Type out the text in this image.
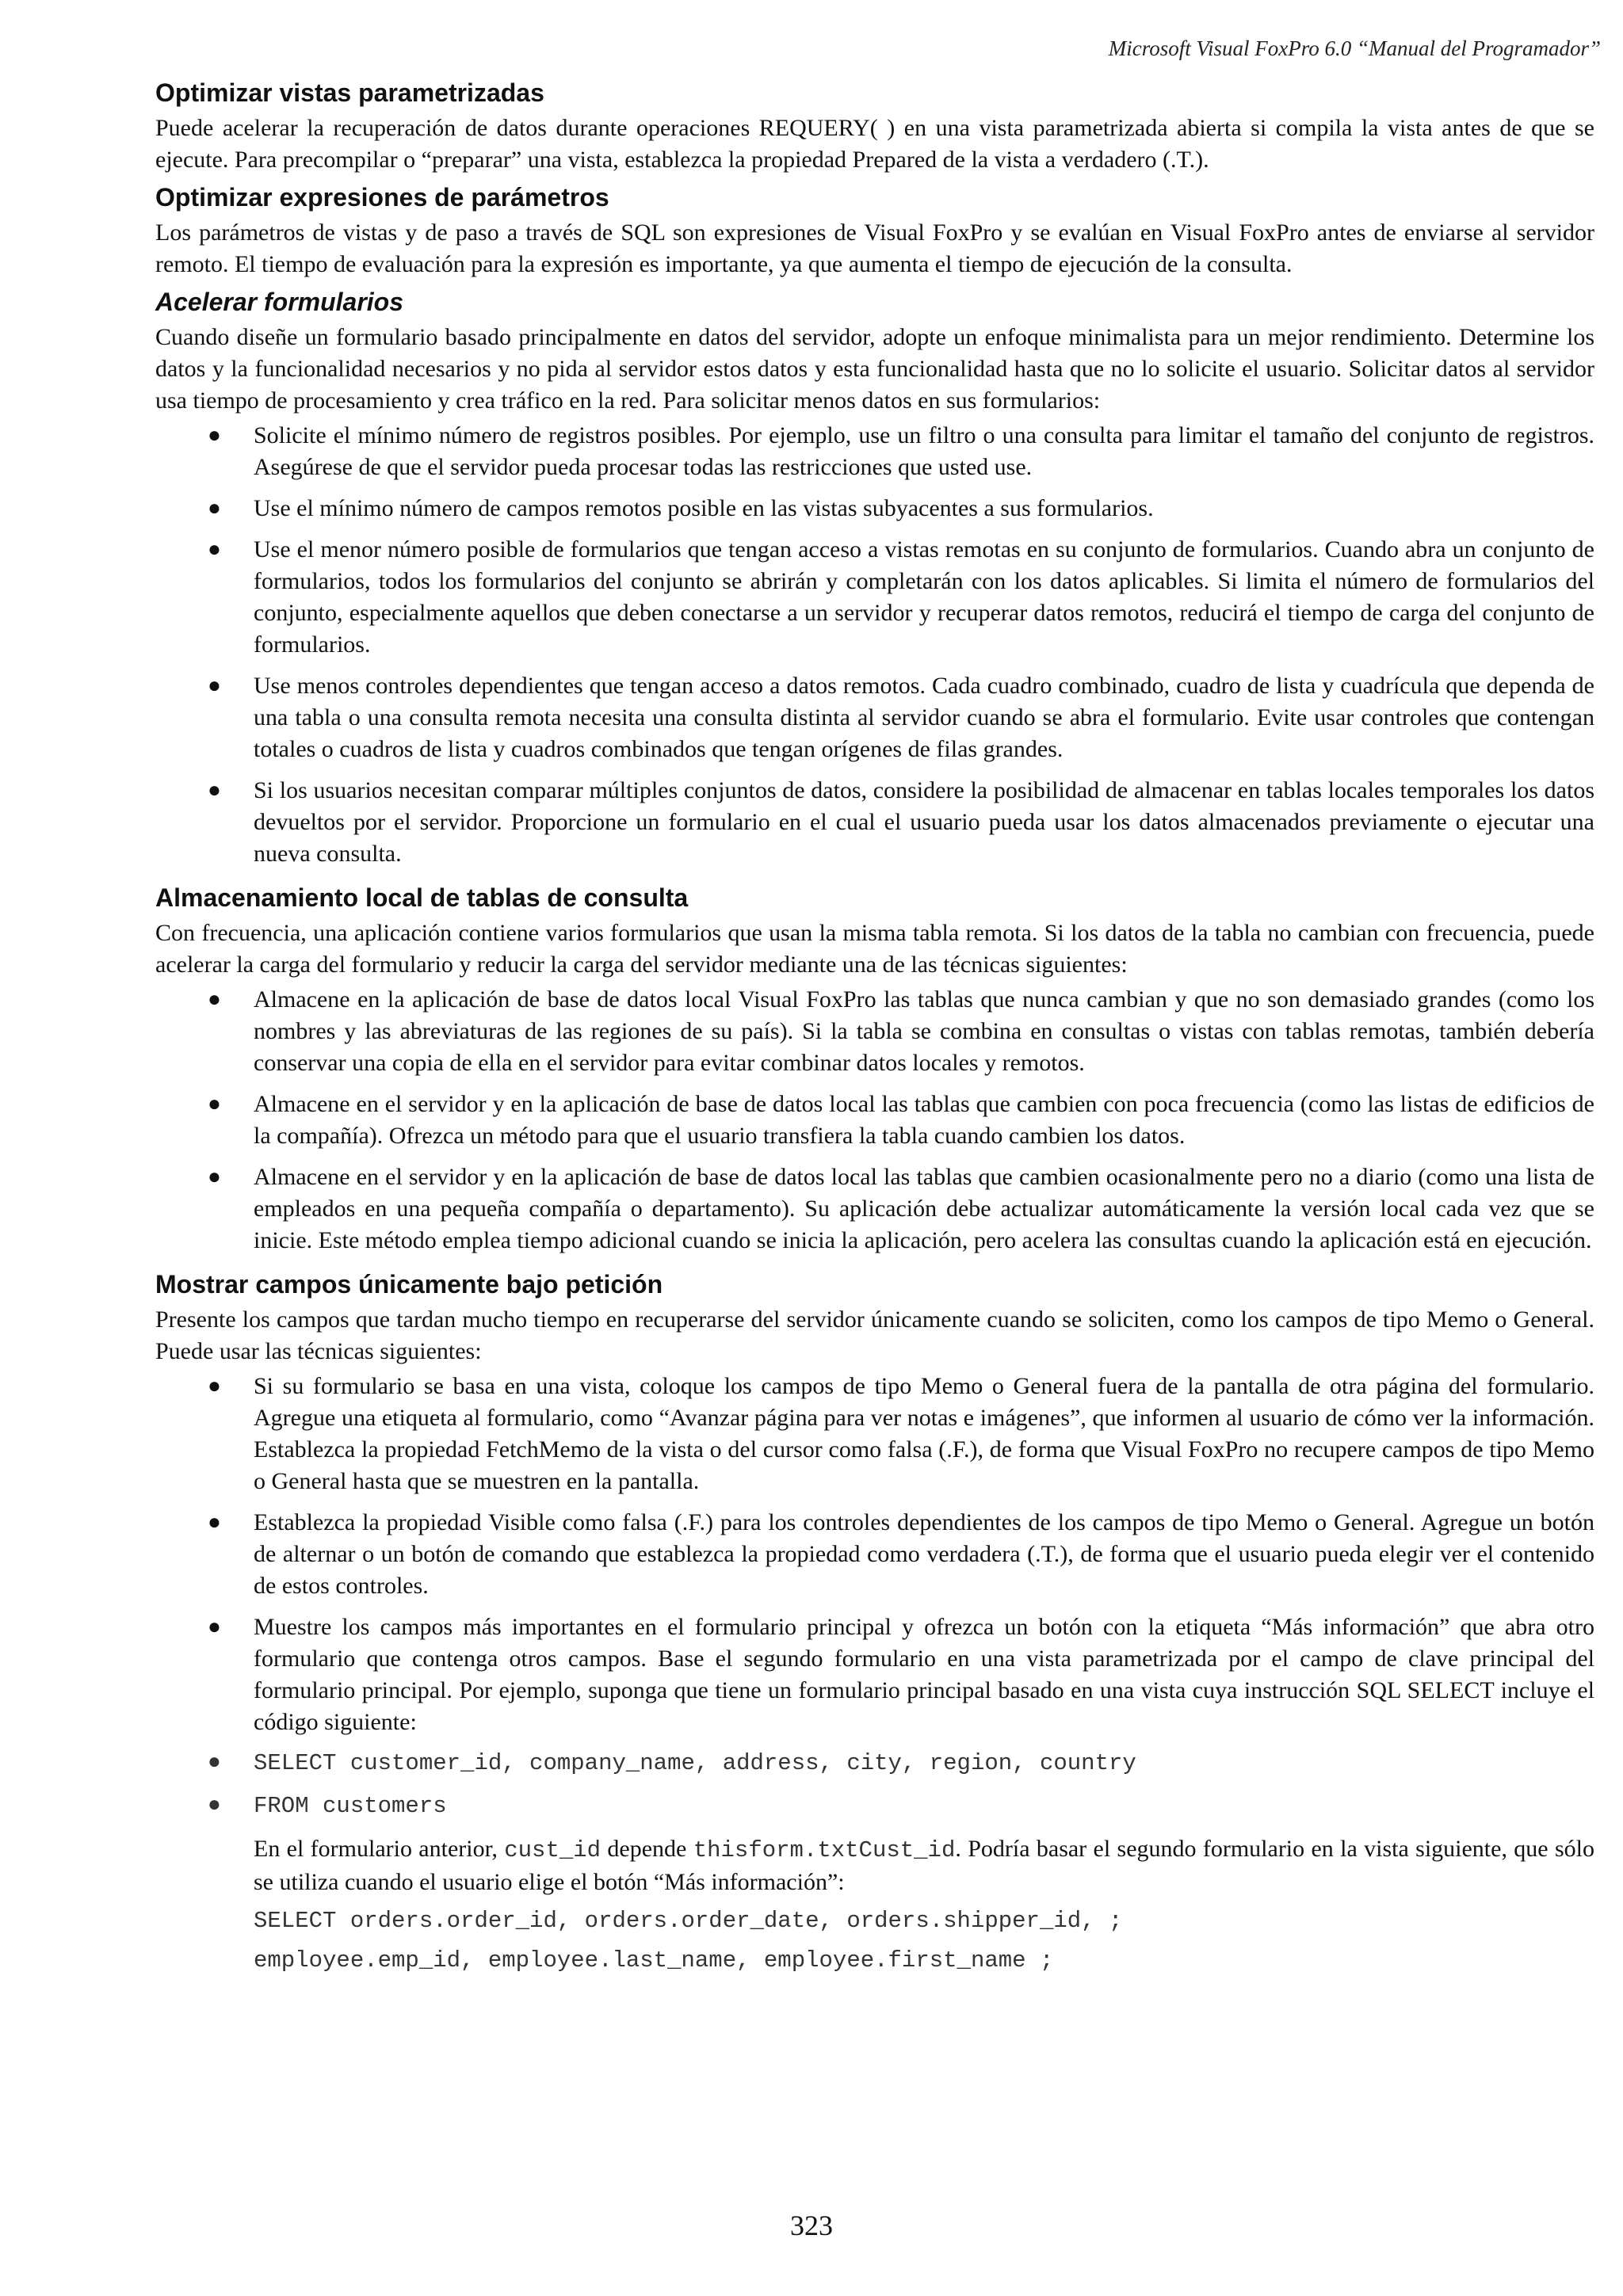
Microsoft Visual FoxPro 6.0 “Manual del Programador”
Optimizar vistas parametrizadas

Puede acelerar la recuperación de datos durante operaciones REQUERY( ) en una vista parametrizada abierta si compila la vista antes de que se ejecute. Para precompilar o “preparar” una vista, establezca la propiedad Prepared de la vista a verdadero (.T.).

Optimizar expresiones de parámetros

Los parámetros de vistas y de paso a través de SQL son expresiones de Visual FoxPro y se evalúan en Visual FoxPro antes de enviarse al servidor remoto. El tiempo de evaluación para la expresión es importante, ya que aumenta el tiempo de ejecución de la consulta.

Acelerar formularios

Cuando diseñe un formulario basado principalmente en datos del servidor, adopte un enfoque minimalista para un mejor rendimiento. Determine los datos y la funcionalidad necesarios y no pida al servidor estos datos y esta funcionalidad hasta que no lo solicite el usuario. Solicitar datos al servidor usa tiempo de procesamiento y crea tráfico en la red. Para solicitar menos datos en sus formularios:

● Solicite el mínimo número de registros posibles. Por ejemplo, use un filtro o una consulta para limitar el tamaño del conjunto de registros. Asegúrese de que el servidor pueda procesar todas las restricciones que usted use.
● Use el mínimo número de campos remotos posible en las vistas subyacentes a sus formularios.
● Use el menor número posible de formularios que tengan acceso a vistas remotas en su conjunto de formularios. Cuando abra un conjunto de formularios, todos los formularios del conjunto se abrirán y completarán con los datos aplicables. Si limita el número de formularios del conjunto, especialmente aquellos que deben conectarse a un servidor y recuperar datos remotos, reducirá el tiempo de carga del conjunto de formularios.
● Use menos controles dependientes que tengan acceso a datos remotos. Cada cuadro combinado, cuadro de lista y cuadrícula que dependa de una tabla o una consulta remota necesita una consulta distinta al servidor cuando se abra el formulario. Evite usar controles que contengan totales o cuadros de lista y cuadros combinados que tengan orígenes de filas grandes.
● Si los usuarios necesitan comparar múltiples conjuntos de datos, considere la posibilidad de almacenar en tablas locales temporales los datos devueltos por el servidor. Proporcione un formulario en el cual el usuario pueda usar los datos almacenados previamente o ejecutar una nueva consulta.
Almacenamiento local de tablas de consulta

Con frecuencia, una aplicación contiene varios formularios que usan la misma tabla remota. Si los datos de la tabla no cambian con frecuencia, puede acelerar la carga del formulario y reducir la carga del servidor mediante una de las técnicas siguientes:

● Almacene en la aplicación de base de datos local Visual FoxPro las tablas que nunca cambian y que no son demasiado grandes (como los nombres y las abreviaturas de las regiones de su país). Si la tabla se combina en consultas o vistas con tablas remotas, también debería conservar una copia de ella en el servidor para evitar combinar datos locales y remotos.
● Almacene en el servidor y en la aplicación de base de datos local las tablas que cambien con poca frecuencia (como las listas de edificios de la compañía). Ofrezca un método para que el usuario transfiera la tabla cuando cambien los datos.
● Almacene en el servidor y en la aplicación de base de datos local las tablas que cambien ocasionalmente pero no a diario (como una lista de empleados en una pequeña compañía o departamento). Su aplicación debe actualizar automáticamente la versión local cada vez que se inicie. Este método emplea tiempo adicional cuando se inicia la aplicación, pero acelera las consultas cuando la aplicación está en ejecución.
Mostrar campos únicamente bajo petición

Presente los campos que tardan mucho tiempo en recuperarse del servidor únicamente cuando se soliciten, como los campos de tipo Memo o General. Puede usar las técnicas siguientes:

● Si su formulario se basa en una vista, coloque los campos de tipo Memo o General fuera de la pantalla de otra página del formulario. Agregue una etiqueta al formulario, como “Avanzar página para ver notas e imágenes”, que informen al usuario de cómo ver la información. Establezca la propiedad FetchMemo de la vista o del cursor como falsa (.F.), de forma que Visual FoxPro no recupere campos de tipo Memo o General hasta que se muestren en la pantalla.
● Establezca la propiedad Visible como falsa (.F.) para los controles dependientes de los campos de tipo Memo o General. Agregue un botón de alternar o un botón de comando que establezca la propiedad como verdadera (.T.), de forma que el usuario pueda elegir ver el contenido de estos controles.
● Muestre los campos más importantes en el formulario principal y ofrezca un botón con la etiqueta “Más información” que abra otro formulario que contenga otros campos. Base el segundo formulario en una vista parametrizada por el campo de clave principal del formulario principal. Por ejemplo, suponga que tiene un formulario principal basado en una vista cuya instrucción SQL SELECT incluye el código siguiente:
● SELECT customer_id, company_name, address, city, region, country
● FROM customers
En el formulario anterior, cust_id depende thisform.txtCust_id. Podría basar el segundo formulario en la vista siguiente, que sólo se utiliza cuando el usuario elige el botón “Más información”:
SELECT orders.order_id, orders.order_date, orders.shipper_id, ;
employee.emp_id, employee.last_name, employee.first_name ;
323
